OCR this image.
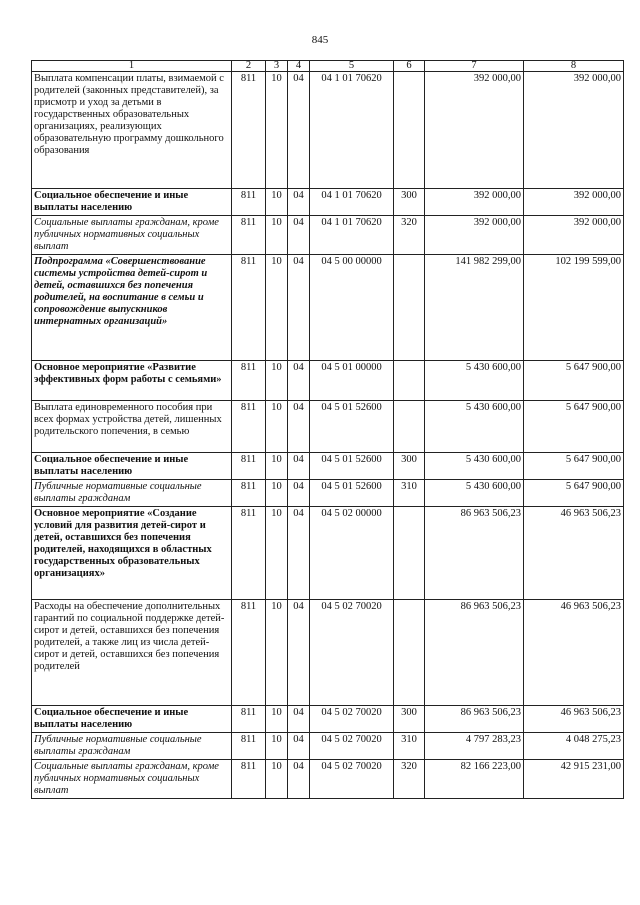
845
1	2	3	4	5	6	7	8
Выплата компенсации платы, взимаемой с родителей (законных представителей), за присмотр и уход за детьми в государственных образовательных организациях, реализующих образовательную программу дошкольного образования	811	10	04	04 1 01 70620		392 000,00	392 000,00
Социальное обеспечение и иные выплаты населению	811	10	04	04 1 01 70620	300	392 000,00	392 000,00
Социальные выплаты гражданам, кроме публичных нормативных социальных выплат	811	10	04	04 1 01 70620	320	392 000,00	392 000,00
Подпрограмма «Совершенствование системы устройства детей-сирот и детей, оставшихся без попечения родителей, на воспитание в семьи и сопровождение выпускников интернатных организаций»	811	10	04	04 5 00 00000		141 982 299,00	102 199 599,00
Основное мероприятие «Развитие эффективных форм работы с семьями»	811	10	04	04 5 01 00000		5 430 600,00	5 647 900,00
Выплата единовременного пособия при всех формах устройства детей, лишенных родительского попечения, в семью	811	10	04	04 5 01 52600		5 430 600,00	5 647 900,00
Социальное обеспечение и иные выплаты населению	811	10	04	04 5 01 52600	300	5 430 600,00	5 647 900,00
Публичные нормативные социальные выплаты гражданам	811	10	04	04 5 01 52600	310	5 430 600,00	5 647 900,00
Основное мероприятие «Создание условий для развития детей-сирот и детей, оставшихся без попечения родителей, находящихся в областных государственных образовательных организациях»	811	10	04	04 5 02 00000		86 963 506,23	46 963 506,23
Расходы на обеспечение дополнительных гарантий по социальной поддержке детей-сирот и детей, оставшихся без попечения родителей, а также лиц из числа детей-сирот и детей, оставшихся без попечения родителей	811	10	04	04 5 02 70020		86 963 506,23	46 963 506,23
Социальное обеспечение и иные выплаты населению	811	10	04	04 5 02 70020	300	86 963 506,23	46 963 506,23
Публичные нормативные социальные выплаты гражданам	811	10	04	04 5 02 70020	310	4 797 283,23	4 048 275,23
Социальные выплаты гражданам, кроме публичных нормативных социальных выплат	811	10	04	04 5 02 70020	320	82 166 223,00	42 915 231,00
